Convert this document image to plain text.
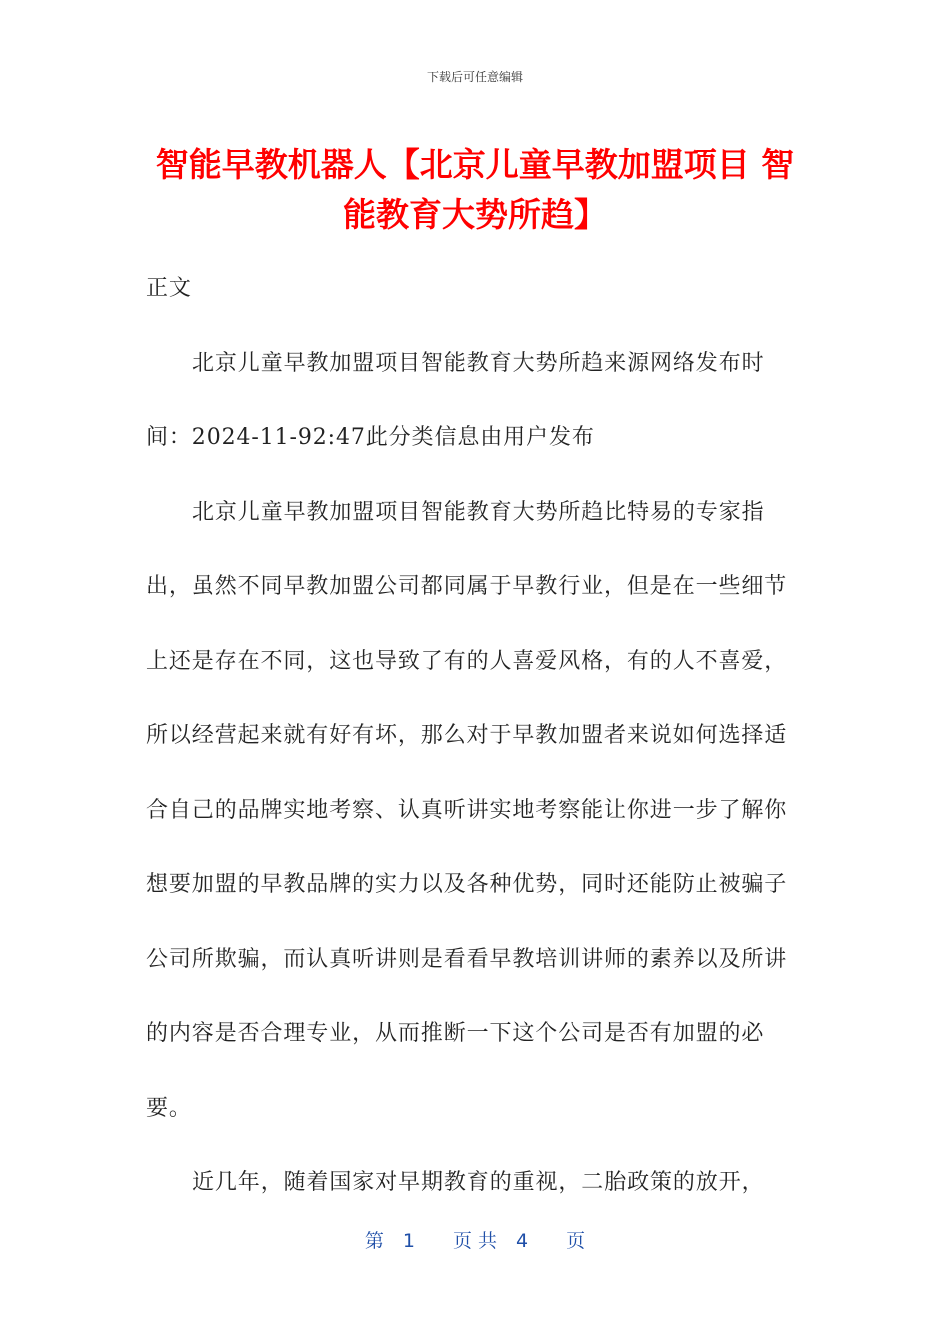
下载后可任意编辑
智能早教机器人【北京儿童早教加盟项目 智能教育大势所趋】

正文

北京儿童早教加盟项目智能教育大势所趋来源网络发布时间：2024-11-92:47此分类信息由用户发布

北京儿童早教加盟项目智能教育大势所趋比特易的专家指出，虽然不同早教加盟公司都同属于早教行业，但是在一些细节上还是存在不同，这也导致了有的人喜爱风格，有的人不喜爱，所以经营起来就有好有坏，那么对于早教加盟者来说如何选择适合自己的品牌实地考察、认真听讲实地考察能让你进一步了解你想要加盟的早教品牌的实力以及各种优势，同时还能防止被骗子公司所欺骗，而认真听讲则是看看早教培训讲师的素养以及所讲的内容是否合理专业，从而推断一下这个公司是否有加盟的必要。

近几年，随着国家对早期教育的重视，二胎政策的放开，

第　1　　页 共　4　　页
